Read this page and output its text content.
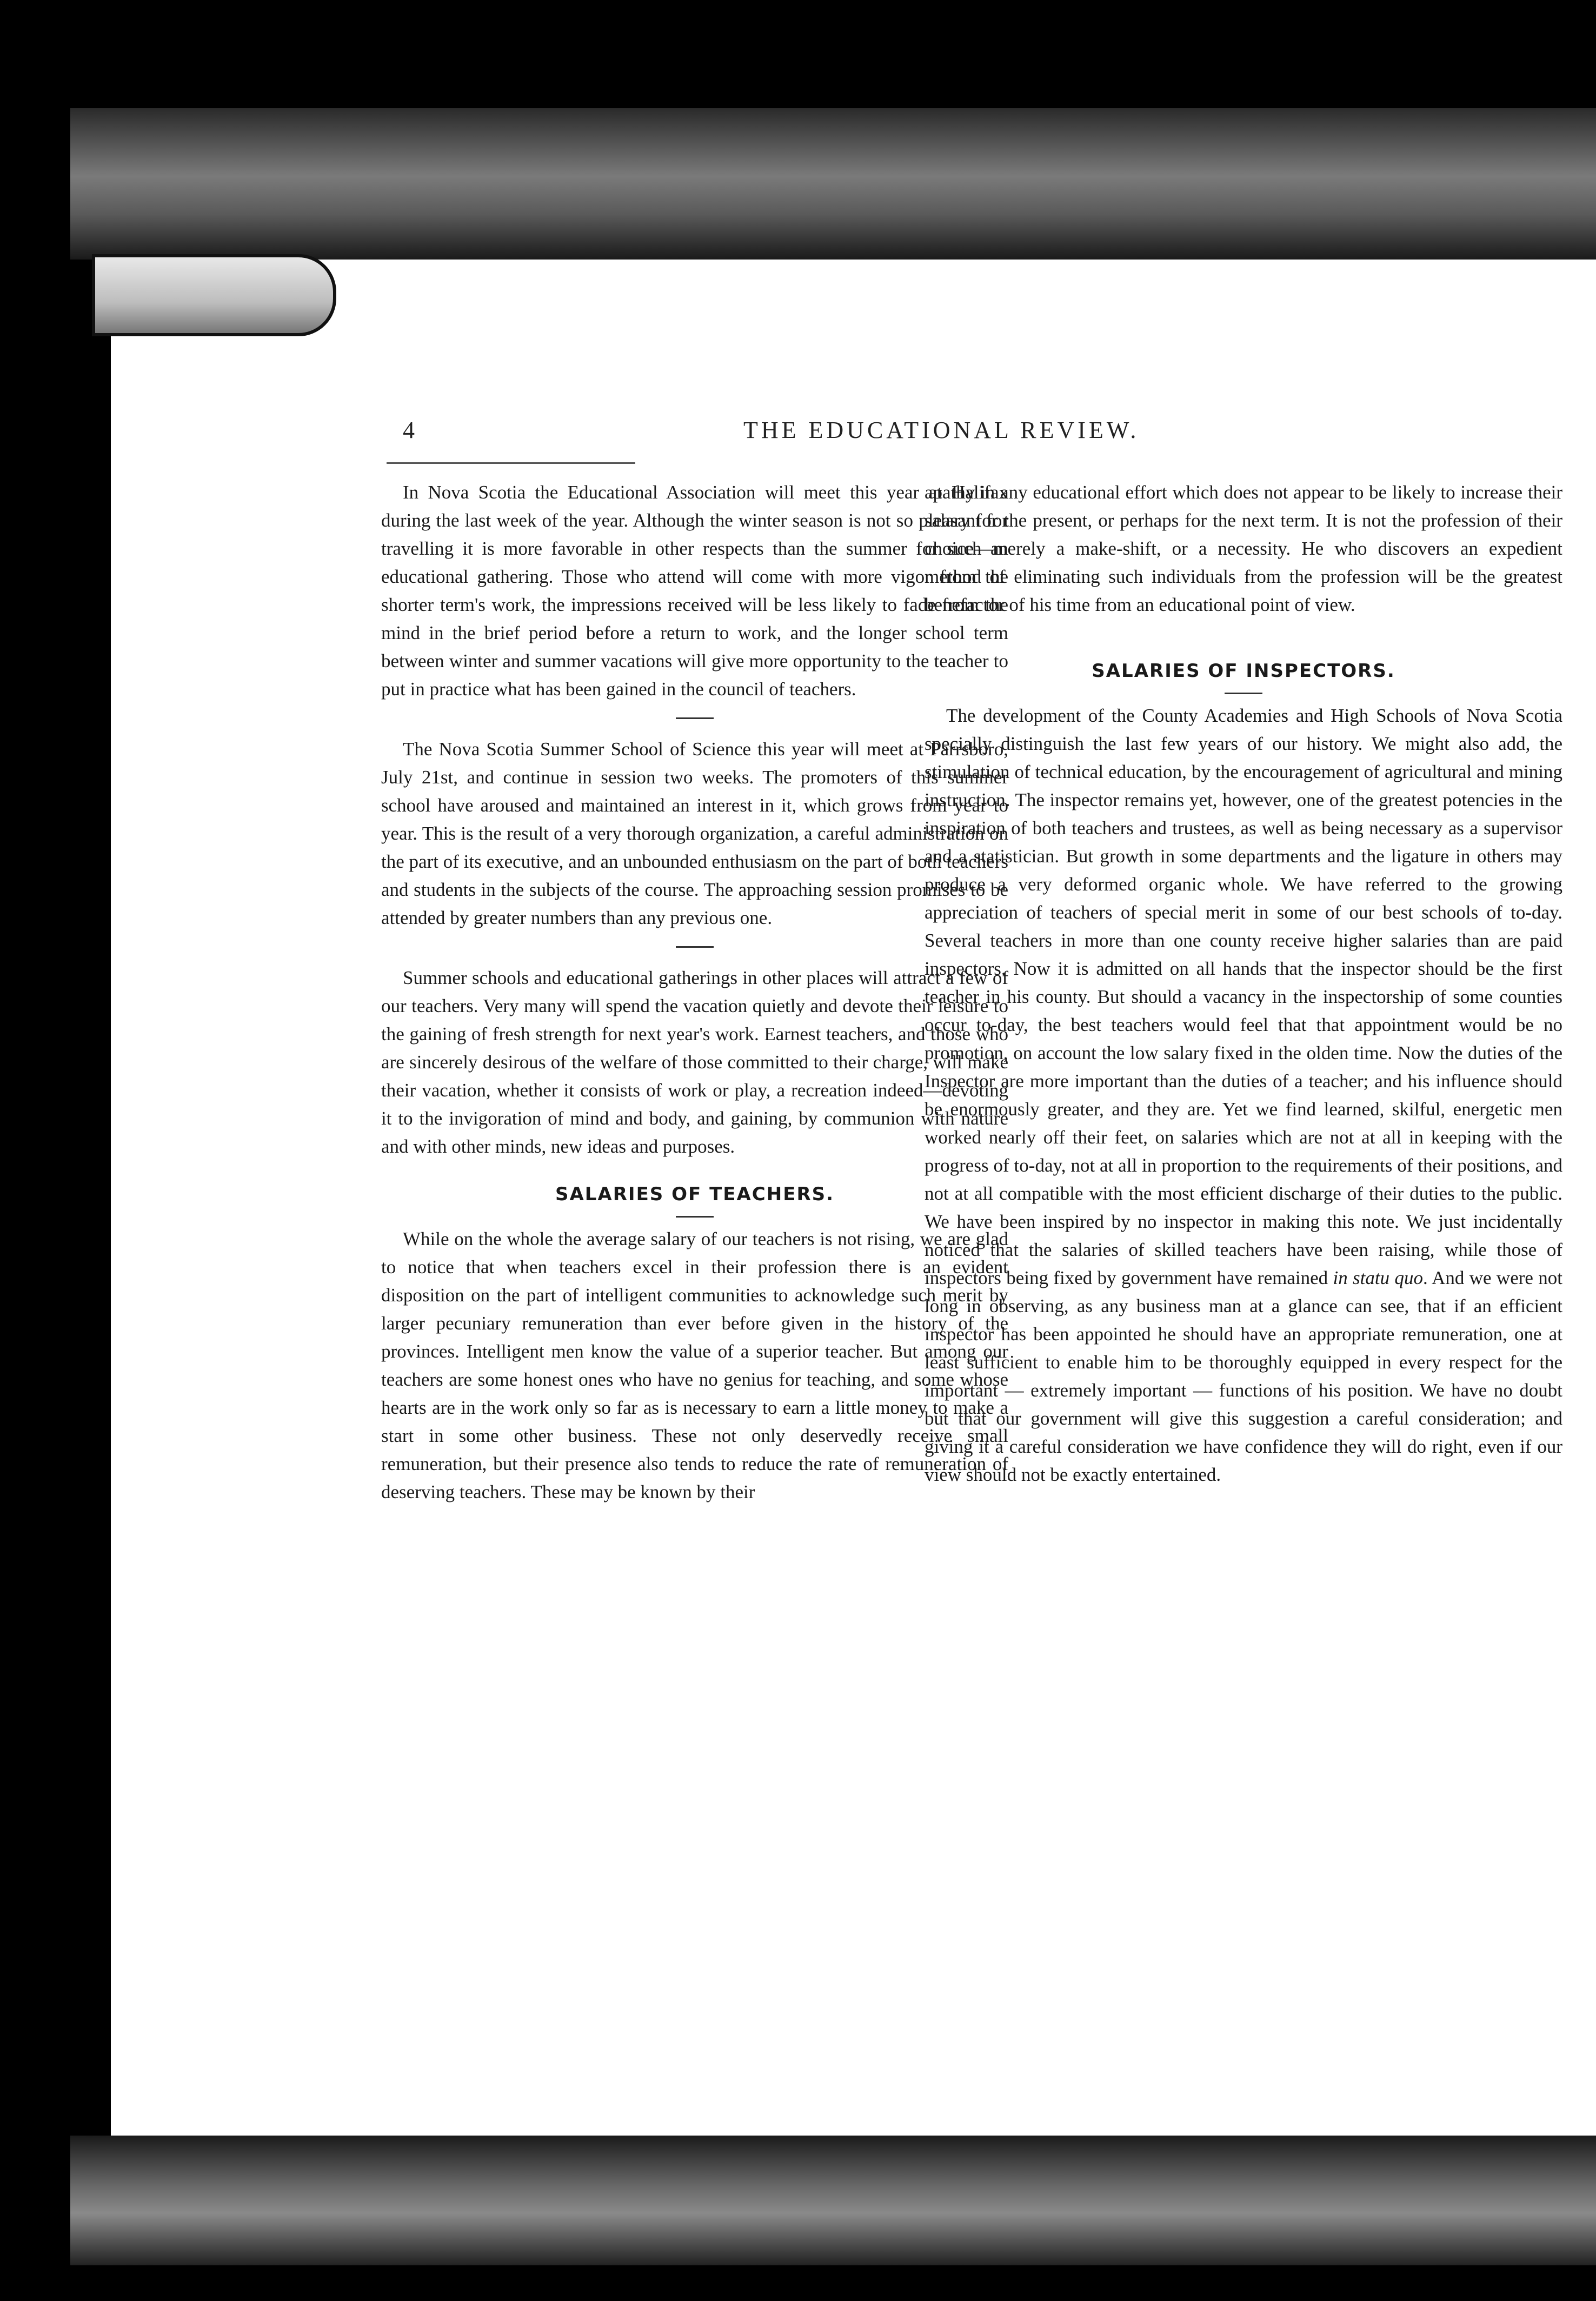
4	THE EDUCATIONAL REVIEW.

In Nova Scotia the Educational Association will meet this year at Halifax during the last week of the year. Although the winter season is not so pleasant for travelling it is more favorable in other respects than the summer for such an educational gathering. Those who attend will come with more vigor from the shorter term's work, the impressions received will be less likely to fade from the mind in the brief period before a return to work, and the longer school term between winter and summer vacations will give more opportunity to the teacher to put in practice what has been gained in the council of teachers.

The Nova Scotia Summer School of Science this year will meet at Parrsboro, July 21st, and continue in session two weeks. The promoters of this summer school have aroused and maintained an interest in it, which grows from year to year. This is the result of a very thorough organization, a careful administration on the part of its executive, and an unbounded enthusiasm on the part of both teachers and students in the subjects of the course. The approaching session promises to be attended by greater numbers than any previous one.

Summer schools and educational gatherings in other places will attract a few of our teachers. Very many will spend the vacation quietly and devote their leisure to the gaining of fresh strength for next year's work. Earnest teachers, and those who are sincerely desirous of the welfare of those committed to their charge, will make their vacation, whether it consists of work or play, a recreation indeed—devoting it to the invigoration of mind and body, and gaining, by communion with nature and with other minds, new ideas and purposes.

SALARIES OF TEACHERS.

While on the whole the average salary of our teachers is not rising, we are glad to notice that when teachers excel in their profession there is an evident disposition on the part of intelligent communities to acknowledge such merit by larger pecuniary remuneration than ever before given in the history of the provinces. Intelligent men know the value of a superior teacher. But among our teachers are some honest ones who have no genius for teaching, and some whose hearts are in the work only so far as is necessary to earn a little money to make a start in some other business. These not only deservedly receive small remuneration, but their presence also tends to reduce the rate of remuneration of deserving teachers. These may be known by their

apathy in any educational effort which does not appear to be likely to increase their salary for the present, or perhaps for the next term. It is not the profession of their choice—merely a make-shift, or a necessity. He who discovers an expedient method of eliminating such individuals from the profession will be the greatest benefactor of his time from an educational point of view.

SALARIES OF INSPECTORS.

The development of the County Academies and High Schools of Nova Scotia specially distinguish the last few years of our history. We might also add, the stimulation of technical education, by the encouragement of agricultural and mining instruction. The inspector remains yet, however, one of the greatest potencies in the inspiration of both teachers and trustees, as well as being necessary as a supervisor and a statistician. But growth in some departments and the ligature in others may produce a very deformed organic whole. We have referred to the growing appreciation of teachers of special merit in some of our best schools of to-day. Several teachers in more than one county receive higher salaries than are paid inspectors. Now it is admitted on all hands that the inspector should be the first teacher in his county. But should a vacancy in the inspectorship of some counties occur to-day, the best teachers would feel that that appointment would be no promotion, on account the low salary fixed in the olden time. Now the duties of the Inspector are more important than the duties of a teacher; and his influence should be enormously greater, and they are. Yet we find learned, skilful, energetic men worked nearly off their feet, on salaries which are not at all in keeping with the progress of to-day, not at all in proportion to the requirements of their positions, and not at all compatible with the most efficient discharge of their duties to the public. We have been inspired by no inspector in making this note. We just incidentally noticed that the salaries of skilled teachers have been raising, while those of inspectors being fixed by government have remained in statu quo. And we were not long in observing, as any business man at a glance can see, that if an efficient inspector has been appointed he should have an appropriate remuneration, one at least sufficient to enable him to be thoroughly equipped in every respect for the important — extremely important — functions of his position. We have no doubt but that our government will give this suggestion a careful consideration; and giving it a careful consideration we have confidence they will do right, even if our view should not be exactly entertained.
